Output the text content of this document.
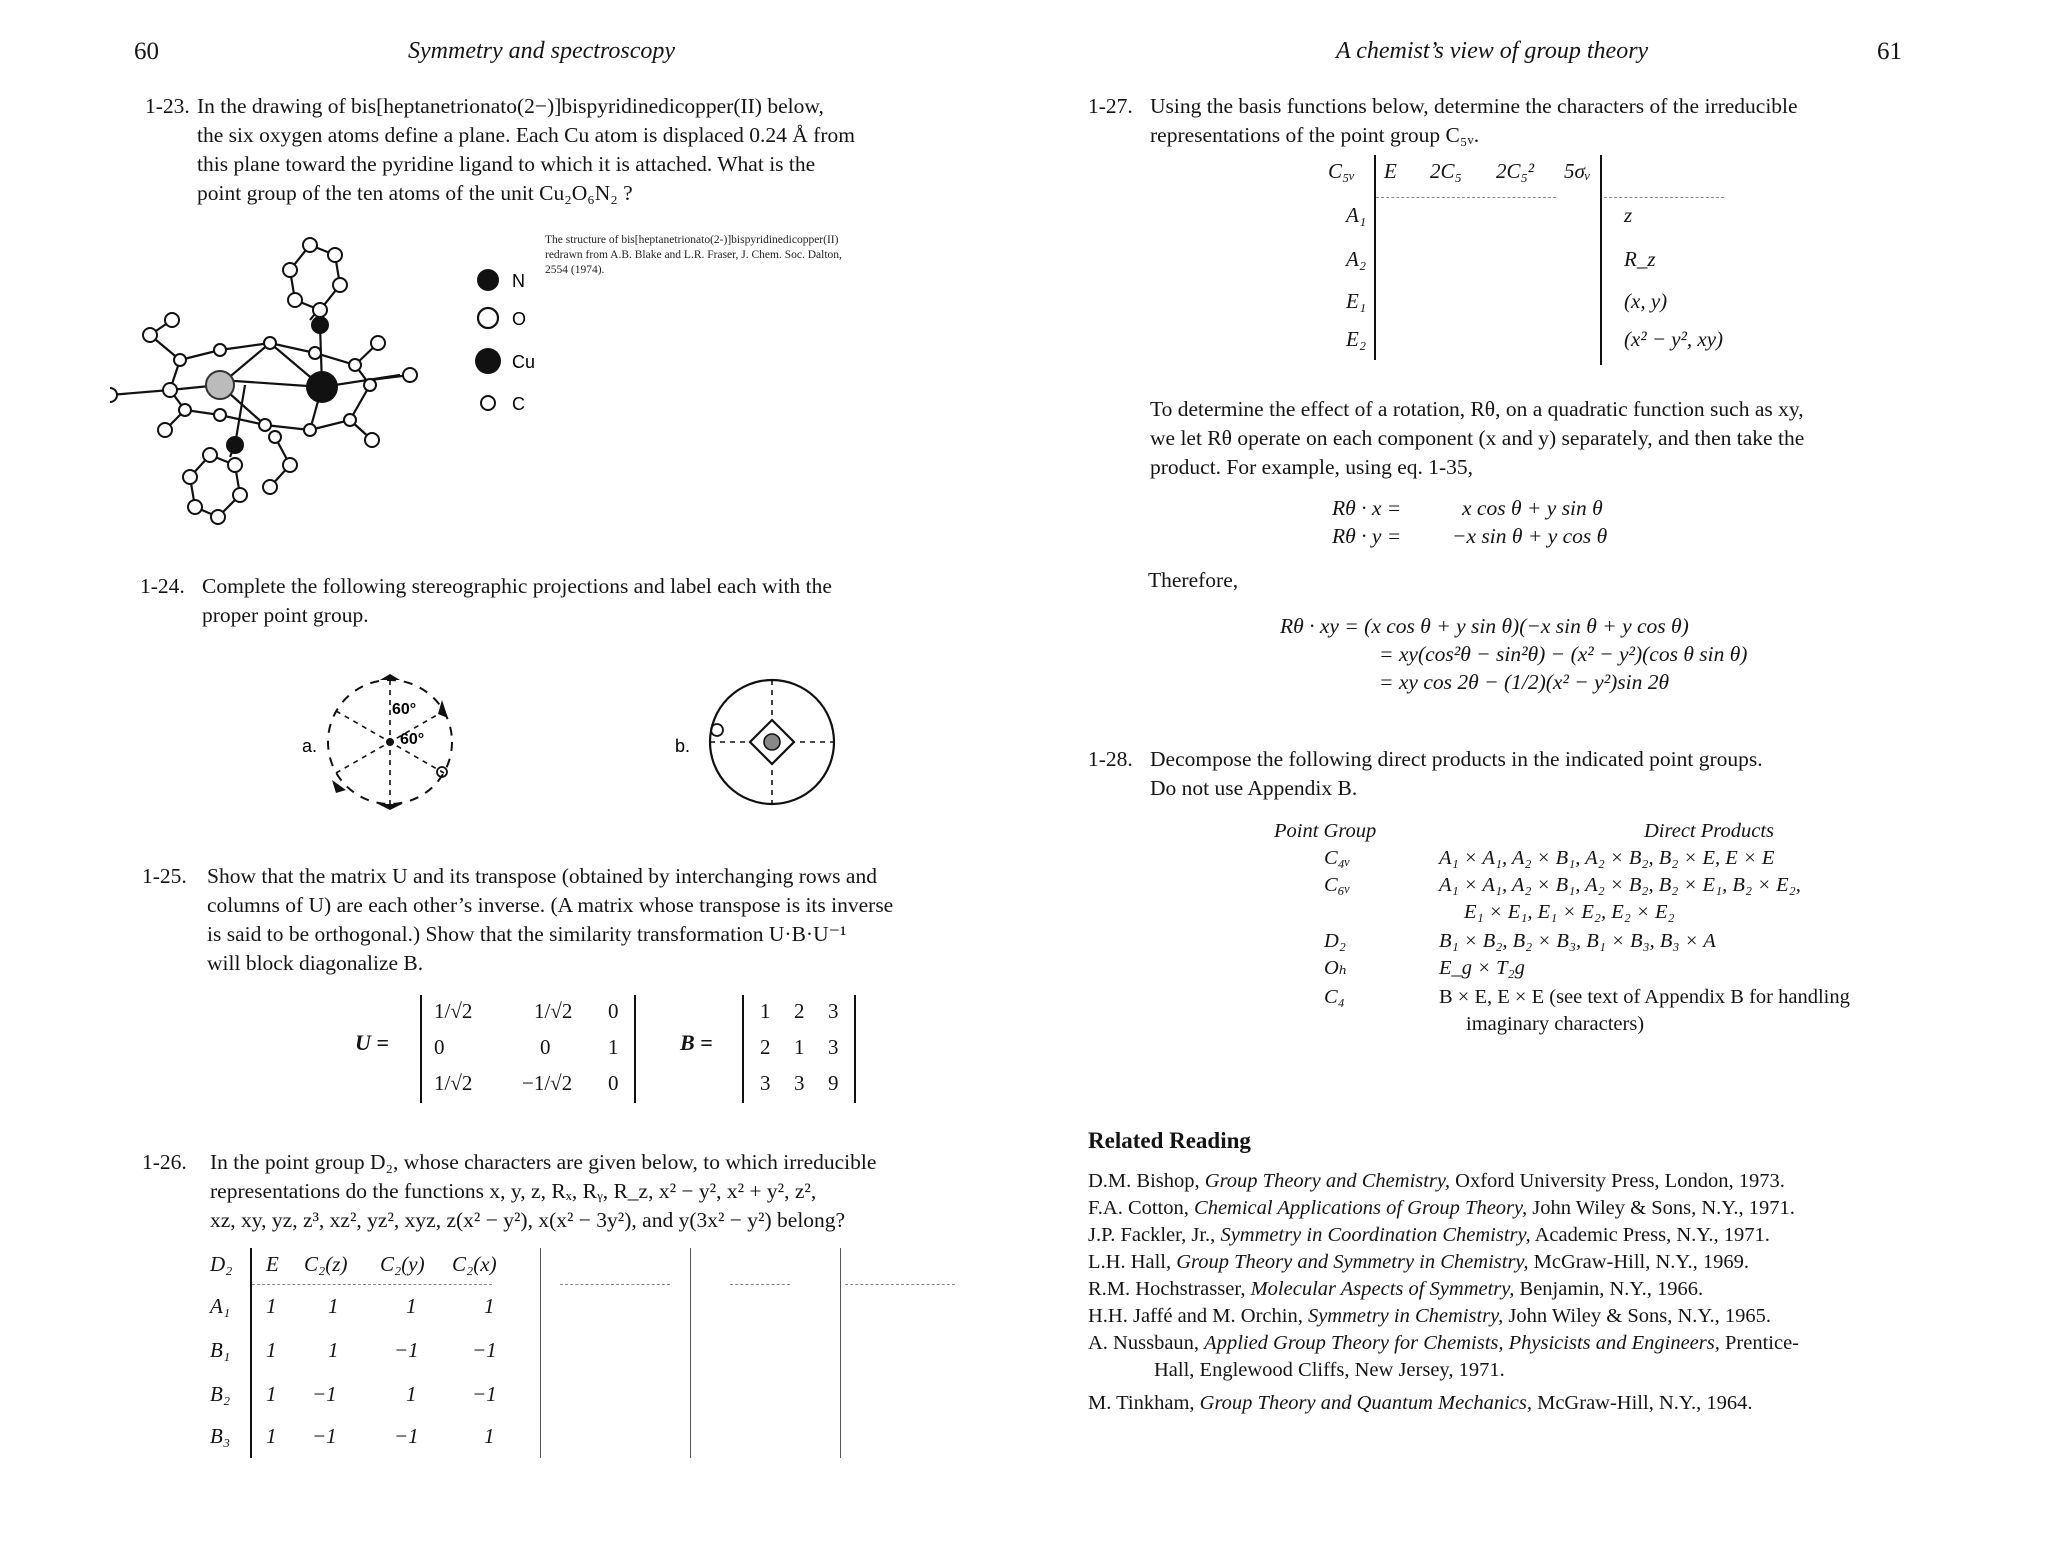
60	Symmetry and spectroscopy
1-23. In the drawing of bis[heptanetrionato(2−)]bispyridinedicopper(II) below,
the six oxygen atoms define a plane. Each Cu atom is displaced 0.24 Å from
this plane toward the pyridine ligand to which it is attached. What is the
point group of the ten atoms of the unit Cu₂O₆N₂ ?
N
O
Cu
C
The structure of bis[heptanetrionato(2-)]bispyridinedicopper(II)
redrawn from A.B. Blake and L.R. Fraser, J. Chem. Soc. Dalton,
2554 (1974).
1-24. Complete the following stereographic projections and label each with the
proper point group.
a.
60°
60°	b.
1-25. Show that the matrix U and its transpose (obtained by interchanging rows and
columns of U) are each other’s inverse. (A matrix whose transpose is its inverse
is said to be orthogonal.) Show that the similarity transformation U·B·U⁻¹
will block diagonalize B.
U =
1/√2	1/√2 0
0	0	1
1/√2 −1/√2 0
B =
1 2 3
2 1 3
3 3 9
1-26. In the point group D₂, whose characters are given below, to which irreducible
representations do the functions x, y, z, Rₓ, Rᵧ, R_z, x² − y², x² + y², z²,
xz, xy, yz, z³, xz², yz², xyz, z(x² − y²), x(x² − 3y²), and y(3x² − y²) belong?
D₂ E C₂(z) C₂(y) C₂(x)
A₁ 1 1	1	1
B₁ 1 1	−1	−1
B₂ 1 −1	1	−1
B₃ 1 −1	−1	1
A chemist’s view of group theory	61
1-27. Using the basis functions below, determine the characters of the irreducible
representations of the point group C₅ᵥ.
C₅ᵥ E 2C₅ 2C₅² 5σᵥ
A₁	z
A₂	R_z
E₁	(x, y)
E₂	(x² − y², xy)
To determine the effect of a rotation, Rθ, on a quadratic function such as xy,
we let Rθ operate on each component (x and y) separately, and then take the
product. For example, using eq. 1-35,
Rθ · x =	x cos θ + y sin θ
Rθ · y = −x sin θ + y cos θ
Therefore,
Rθ · xy = (x cos θ + y sin θ)(−x sin θ + y cos θ)
= xy(cos²θ − sin²θ) − (x² − y²)(cos θ sin θ)
= xy cos 2θ − (1/2)(x² − y²)sin 2θ
1-28. Decompose the following direct products in the indicated point groups.
Do not use Appendix B.
Point Group	Direct Products
C₄ᵥ	A₁ × A₁, A₂ × B₁, A₂ × B₂, B₂ × E, E × E
C₆ᵥ	A₁ × A₁, A₂ × B₁, A₂ × B₂, B₂ × E₁, B₂ × E₂,
E₁ × E₁, E₁ × E₂, E₂ × E₂
D₂	B₁ × B₂, B₂ × B₃, B₁ × B₃, B₃ × A
Oₕ	E_g × T₂g
C₄	B × E, E × E (see text of Appendix B for handling
imaginary characters)
Related Reading
D.M. Bishop, Group Theory and Chemistry, Oxford University Press, London, 1973.
F.A. Cotton, Chemical Applications of Group Theory, John Wiley & Sons, N.Y., 1971.
J.P. Fackler, Jr., Symmetry in Coordination Chemistry, Academic Press, N.Y., 1971.
L.H. Hall, Group Theory and Symmetry in Chemistry, McGraw-Hill, N.Y., 1969.
R.M. Hochstrasser, Molecular Aspects of Symmetry, Benjamin, N.Y., 1966.
H.H. Jaffé and M. Orchin, Symmetry in Chemistry, John Wiley & Sons, N.Y., 1965.
A. Nussbaun, Applied Group Theory for Chemists, Physicists and Engineers, Prentice-
Hall, Englewood Cliffs, New Jersey, 1971.
M. Tinkham, Group Theory and Quantum Mechanics, McGraw-Hill, N.Y., 1964.
